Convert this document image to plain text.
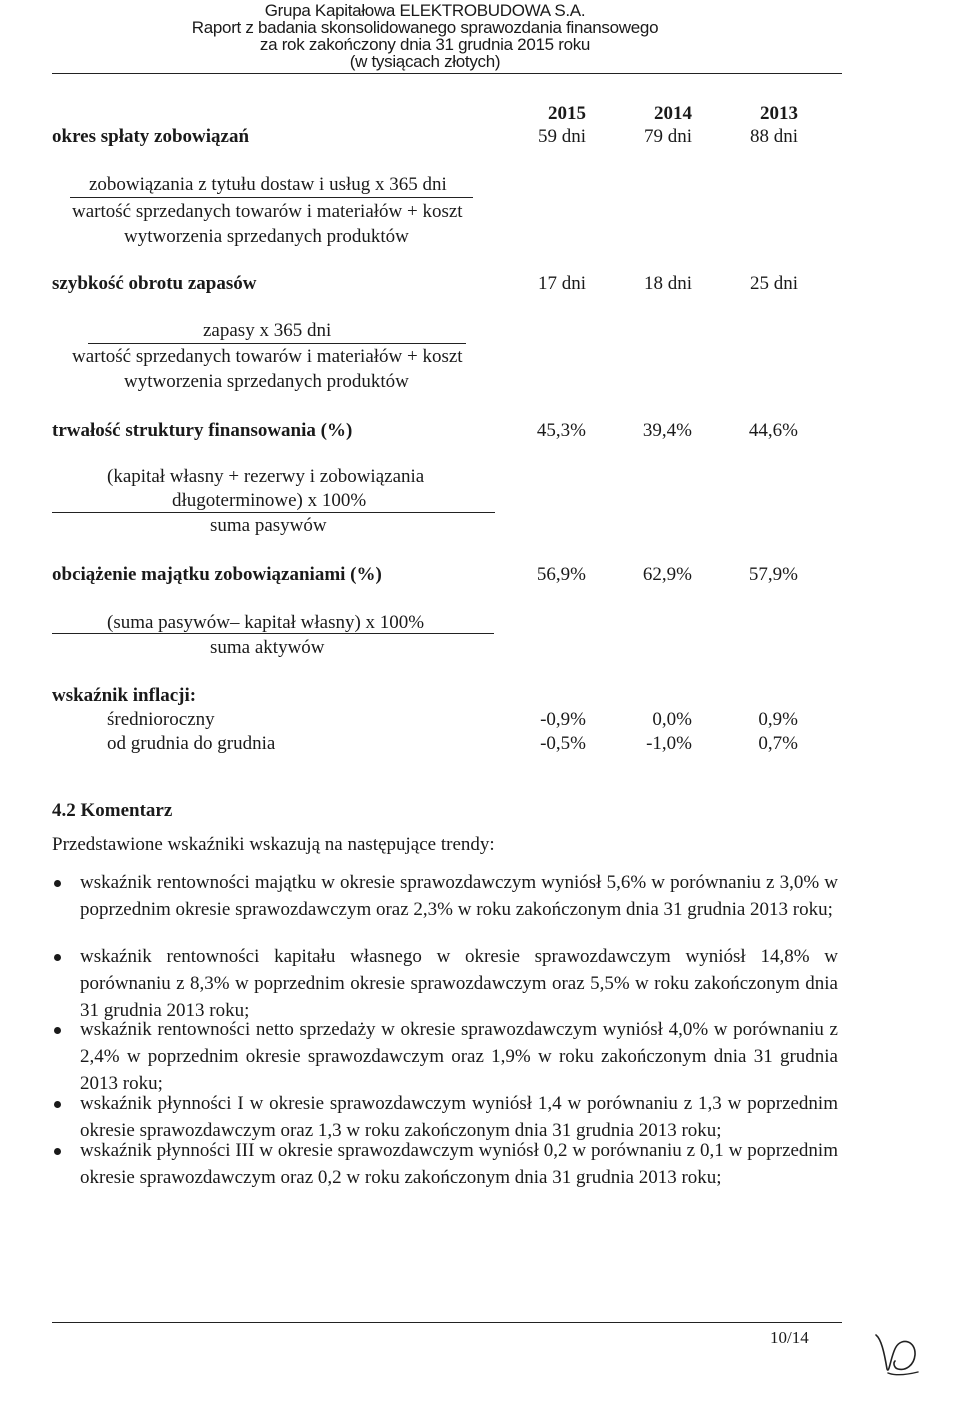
Grupa Kapitałowa ELEKTROBUDOWA S.A.
Raport z badania skonsolidowanego sprawozdania finansowego
za rok zakończony dnia 31 grudnia 2015 roku
(w tysiącach złotych)
2015	2014	2013
okres spłaty zobowiązań	59 dni	79 dni	88 dni
zobowiązania z tytułu dostaw i usług x 365 dni
wartość sprzedanych towarów i materiałów + koszt
wytworzenia sprzedanych produktów
szybkość obrotu zapasów	17 dni	18 dni	25 dni
zapasy x 365 dni
wartość sprzedanych towarów i materiałów + koszt
wytworzenia sprzedanych produktów
trwałość struktury finansowania (%)	45,3%	39,4%	44,6%
(kapitał własny + rezerwy i zobowiązania
długoterminowe) x 100%
suma pasywów
obciążenie majątku zobowiązaniami (%)	56,9%	62,9%	57,9%
(suma pasywów– kapitał własny) x 100%
suma aktywów
wskaźnik inflacji:
średnioroczny	-0,9%	0,0%	0,9%
od grudnia do grudnia	-0,5%	-1,0%	0,7%
4.2 Komentarz
Przedstawione wskaźniki wskazują na następujące trendy:
wskaźnik rentowności majątku w okresie sprawozdawczym wyniósł 5,6% w porównaniu z 3,0% w poprzednim okresie sprawozdawczym oraz 2,3% w roku zakończonym dnia 31 grudnia 2013 roku;
wskaźnik rentowności kapitału własnego w okresie sprawozdawczym wyniósł 14,8% w porównaniu z 8,3% w poprzednim okresie sprawozdawczym oraz 5,5% w roku zakończonym dnia 31 grudnia 2013 roku;
wskaźnik rentowności netto sprzedaży w okresie sprawozdawczym wyniósł 4,0% w porównaniu z 2,4% w poprzednim okresie sprawozdawczym oraz 1,9% w roku zakończonym dnia 31 grudnia 2013 roku;
wskaźnik płynności I w okresie sprawozdawczym wyniósł 1,4 w porównaniu z 1,3 w poprzednim okresie sprawozdawczym oraz 1,3 w roku zakończonym dnia 31 grudnia 2013 roku;
wskaźnik płynności III w okresie sprawozdawczym wyniósł 0,2 w porównaniu z 0,1 w poprzednim okresie sprawozdawczym oraz 0,2 w roku zakończonym dnia 31 grudnia 2013 roku;
10/14
